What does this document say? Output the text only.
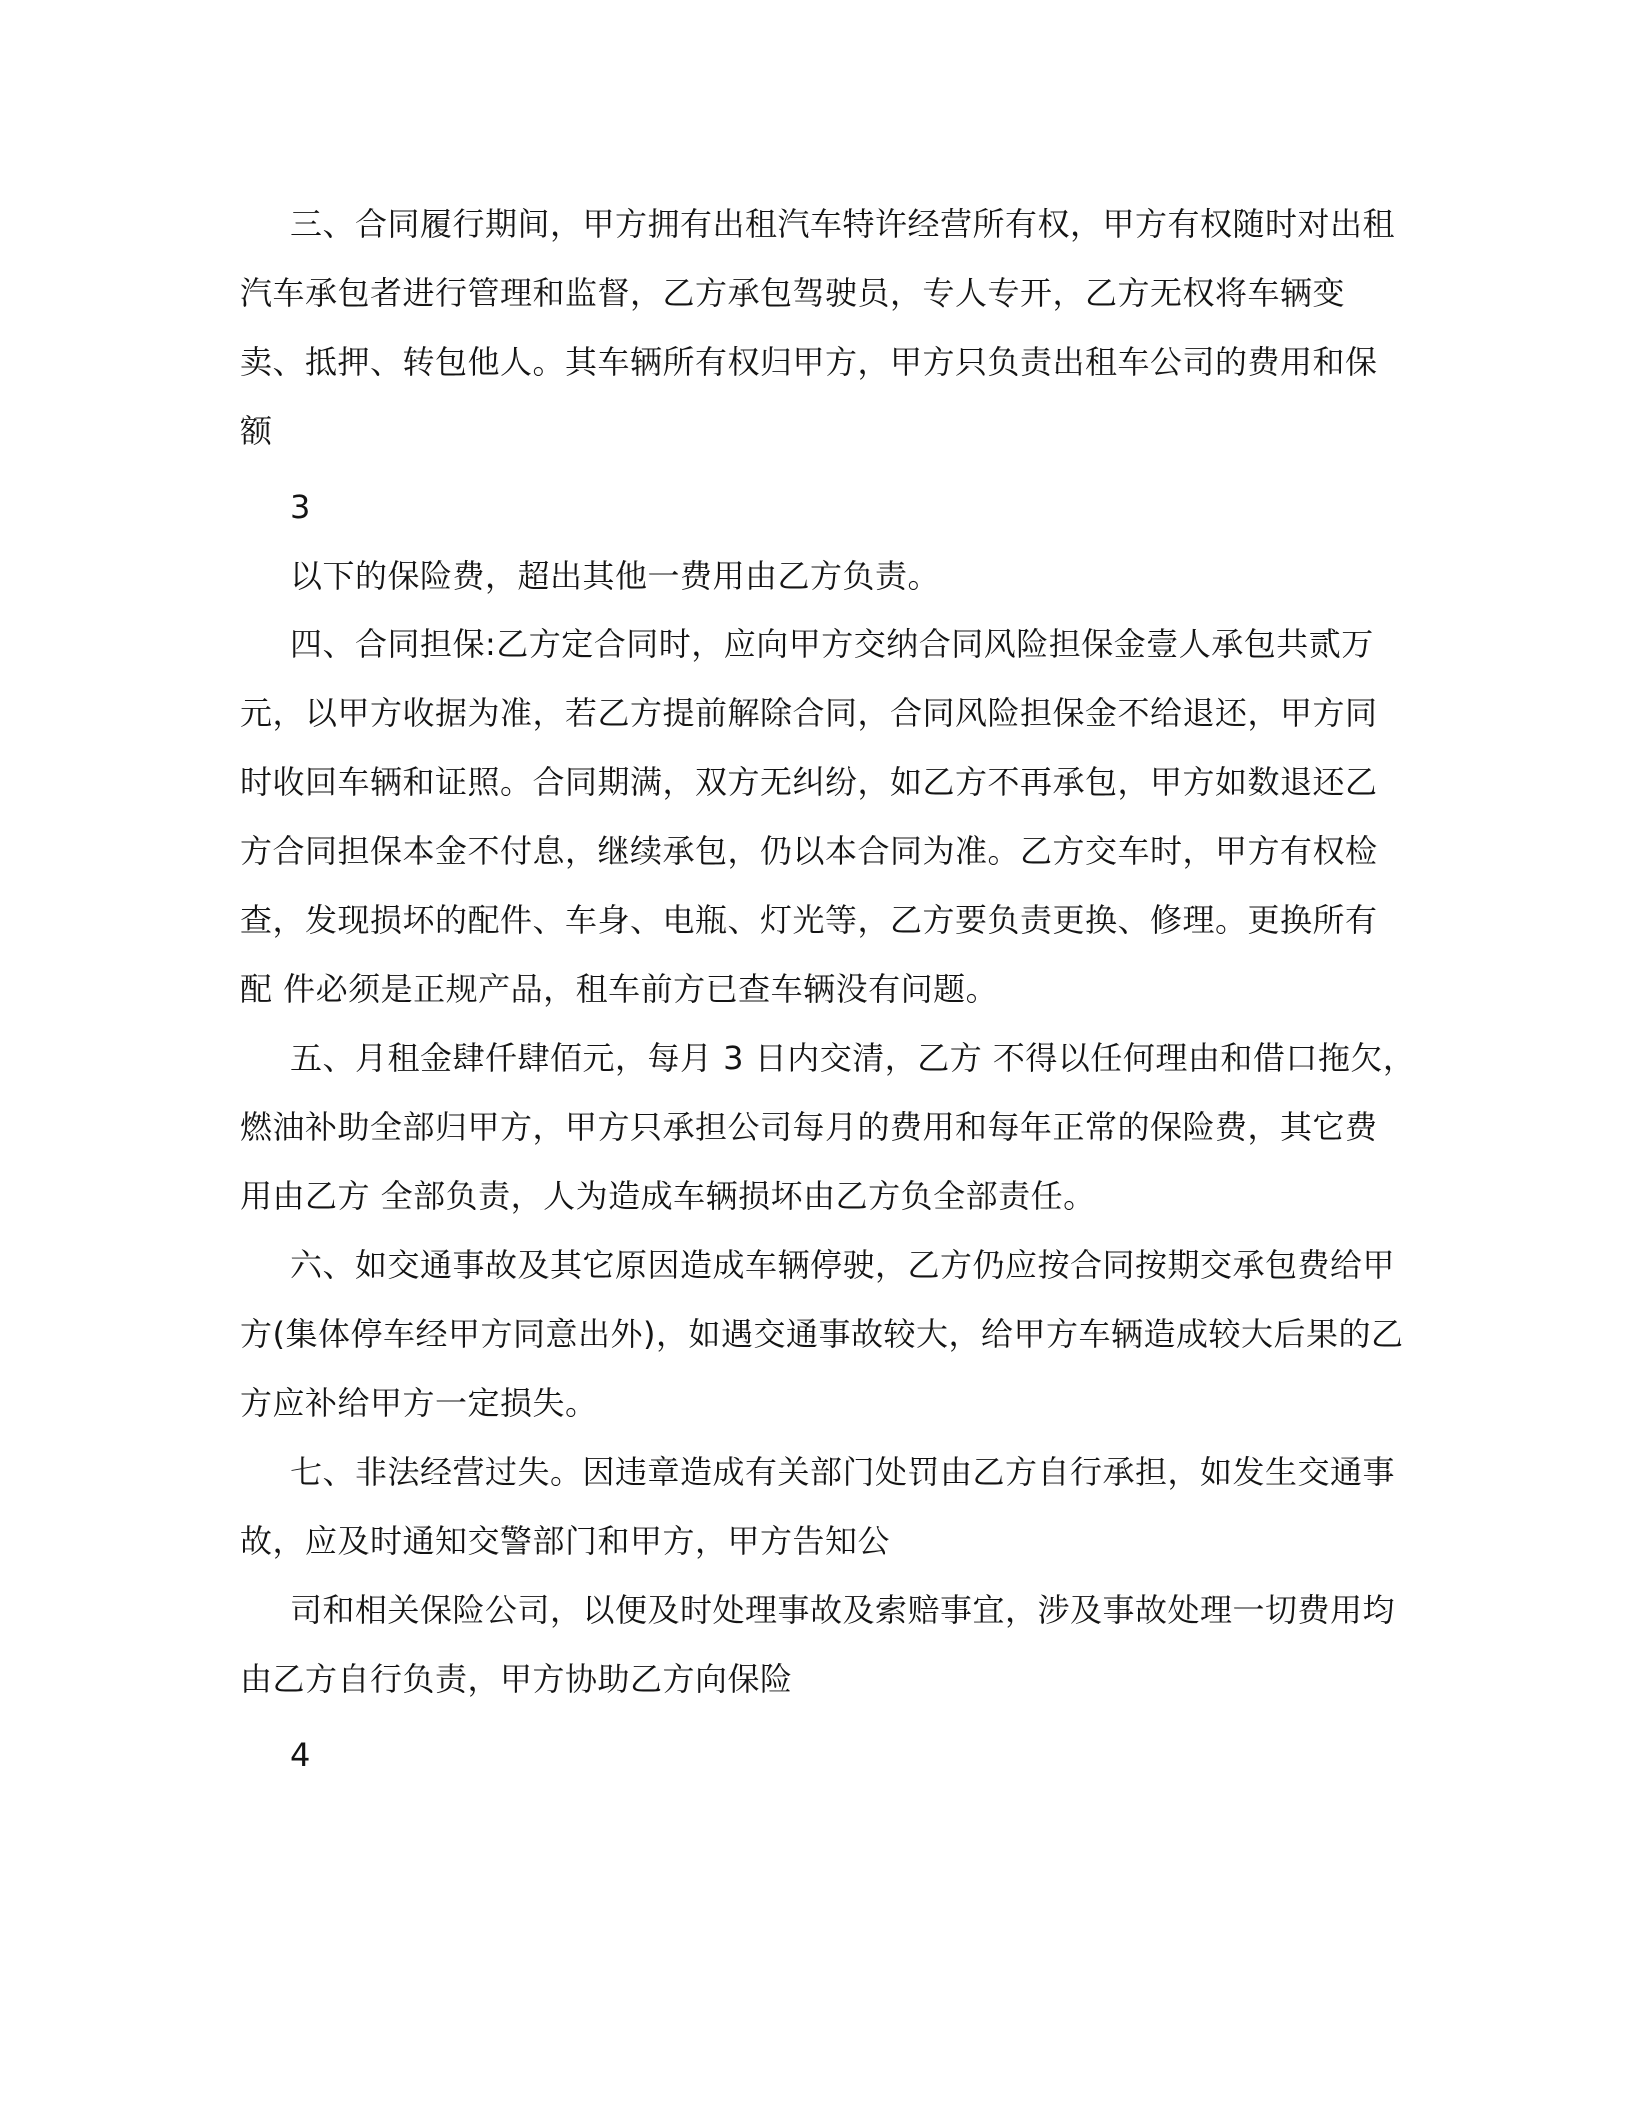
三、合同履行期间，甲方拥有出租汽车特许经营所有权，甲方有权随时对出租
汽车承包者进行管理和监督，乙方承包驾驶员，专人专开，乙方无权将车辆变
卖、抵押、转包他人。其车辆所有权归甲方，甲方只负责出租车公司的费用和保
额
3
以下的保险费，超出其他一费用由乙方负责。
四、合同担保:乙方定合同时，应向甲方交纳合同风险担保金壹人承包共贰万
元，以甲方收据为准，若乙方提前解除合同，合同风险担保金不给退还，甲方同
时收回车辆和证照。合同期满，双方无纠纷，如乙方不再承包，甲方如数退还乙
方合同担保本金不付息，继续承包，仍以本合同为准。乙方交车时，甲方有权检
查，发现损坏的配件、车身、电瓶、灯光等，乙方要负责更换、修理。更换所有
配 件必须是正规产品，租车前方已查车辆没有问题。
五、月租金肆仟肆佰元，每月 3 日内交清，乙方 不得以任何理由和借口拖欠，
燃油补助全部归甲方，甲方只承担公司每月的费用和每年正常的保险费，其它费
用由乙方 全部负责，人为造成车辆损坏由乙方负全部责任。
六、如交通事故及其它原因造成车辆停驶，乙方仍应按合同按期交承包费给甲
方(集体停车经甲方同意出外)，如遇交通事故较大，给甲方车辆造成较大后果的乙
方应补给甲方一定损失。
七、非法经营过失。因违章造成有关部门处罚由乙方自行承担，如发生交通事
故，应及时通知交警部门和甲方，甲方告知公
司和相关保险公司，以便及时处理事故及索赔事宜，涉及事故处理一切费用均
由乙方自行负责，甲方协助乙方向保险
4
